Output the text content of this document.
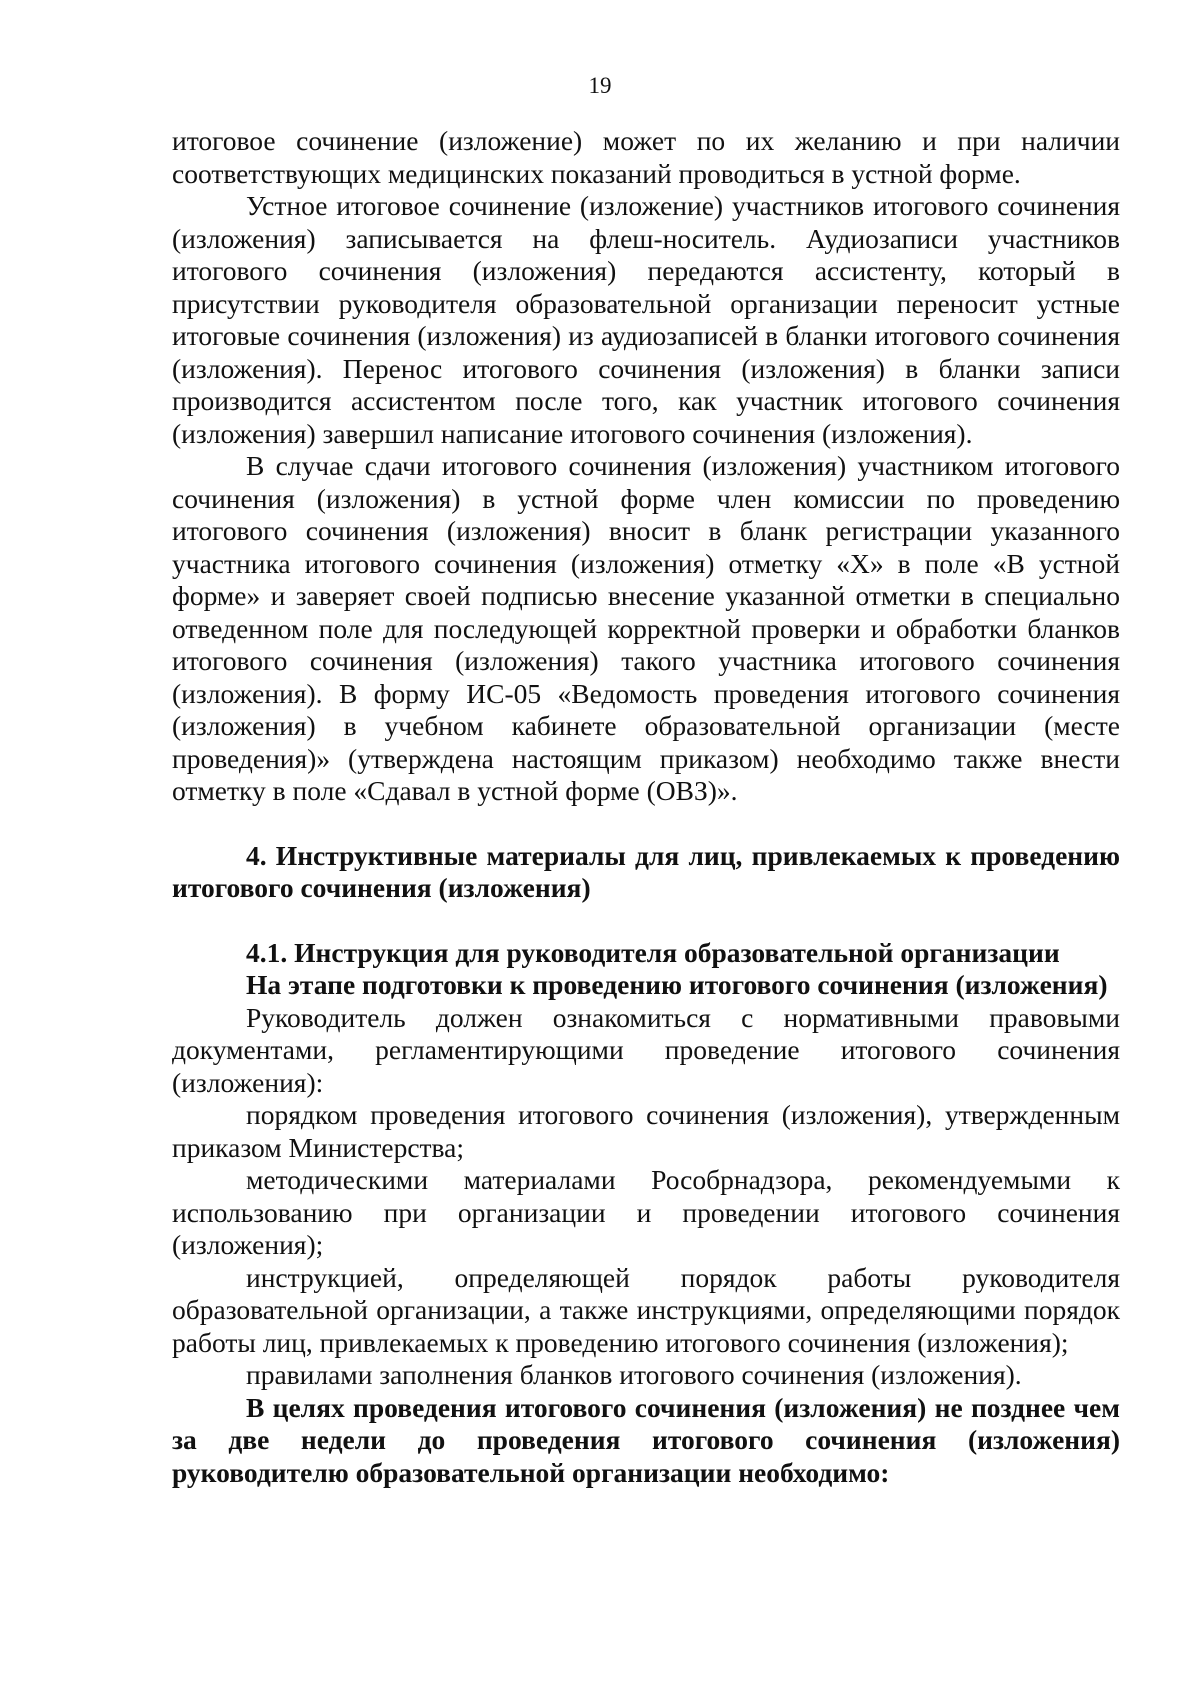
19

итоговое сочинение (изложение) может по их желанию и при наличии соответствующих медицинских показаний проводиться в устной форме.

Устное итоговое сочинение (изложение) участников итогового сочинения (изложения) записывается на флеш-носитель. Аудиозаписи участников итогового сочинения (изложения) передаются ассистенту, который в присутствии руководителя образовательной организации переносит устные итоговые сочинения (изложения) из аудиозаписей в бланки итогового сочинения (изложения). Перенос итогового сочинения (изложения) в бланки записи производится ассистентом после того, как участник итогового сочинения (изложения) завершил написание итогового сочинения (изложения).

В случае сдачи итогового сочинения (изложения) участником итогового сочинения (изложения) в устной форме член комиссии по проведению итогового сочинения (изложения) вносит в бланк регистрации указанного участника итогового сочинения (изложения) отметку «Х» в поле «В устной форме» и заверяет своей подписью внесение указанной отметки в специально отведенном поле для последующей корректной проверки и обработки бланков итогового сочинения (изложения) такого участника итогового сочинения (изложения). В форму ИС-05 «Ведомость проведения итогового сочинения (изложения) в учебном кабинете образовательной организации (месте проведения)» (утверждена настоящим приказом) необходимо также внести отметку в поле «Сдавал в устной форме (ОВЗ)».

4. Инструктивные материалы для лиц, привлекаемых к проведению итогового сочинения (изложения)

4.1. Инструкция для руководителя образовательной организации

На этапе подготовки к проведению итогового сочинения (изложения)

Руководитель должен ознакомиться с нормативными правовыми документами, регламентирующими проведение итогового сочинения (изложения):

порядком проведения итогового сочинения (изложения), утвержденным приказом Министерства;

методическими материалами Рособрнадзора, рекомендуемыми к использованию при организации и проведении итогового сочинения (изложения);

инструкцией, определяющей порядок работы руководителя образовательной организации, а также инструкциями, определяющими порядок работы лиц, привлекаемых к проведению итогового сочинения (изложения);

правилами заполнения бланков итогового сочинения (изложения).

В целях проведения итогового сочинения (изложения) не позднее чем за две недели до проведения итогового сочинения (изложения) руководителю образовательной организации необходимо:
